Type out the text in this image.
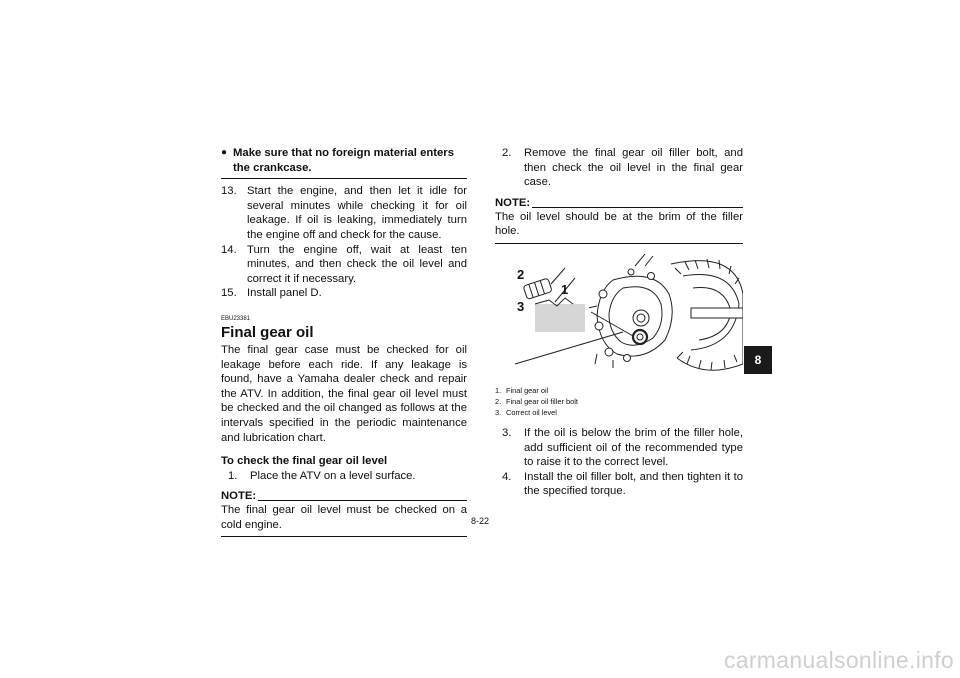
● Make sure that no foreign material enters the crankcase.
13. Start the engine, and then let it idle for several minutes while checking it for oil leakage. If oil is leaking, immediately turn the engine off and check for the cause.
14. Turn the engine off, wait at least ten minutes, and then check the oil level and correct it if necessary.
15. Install panel D.
EBU23381
Final gear oil

The final gear case must be checked for oil leakage before each ride. If any leakage is found, have a Yamaha dealer check and repair the ATV. In addition, the final gear oil level must be checked and the oil changed as follows at the intervals specified in the periodic maintenance and lubrication chart.

To check the final gear oil level
1.	Place the ATV on a level surface.
NOTE:

The final gear oil level must be checked on a cold engine.

2.	Remove the final gear oil filler bolt, and then check the oil level in the final gear case.
NOTE:

The oil level should be at the brim of the filler hole.

2
1
3
1. Final gear oil
2. Final gear oil filler bolt
3. Correct oil level
3.	If the oil is below the brim of the filler hole, add sufficient oil of the recommended type to raise it to the correct level.
4.	Install the oil filler bolt, and then tighten it to the specified torque.
8
8-22
carmanualsonline.info
